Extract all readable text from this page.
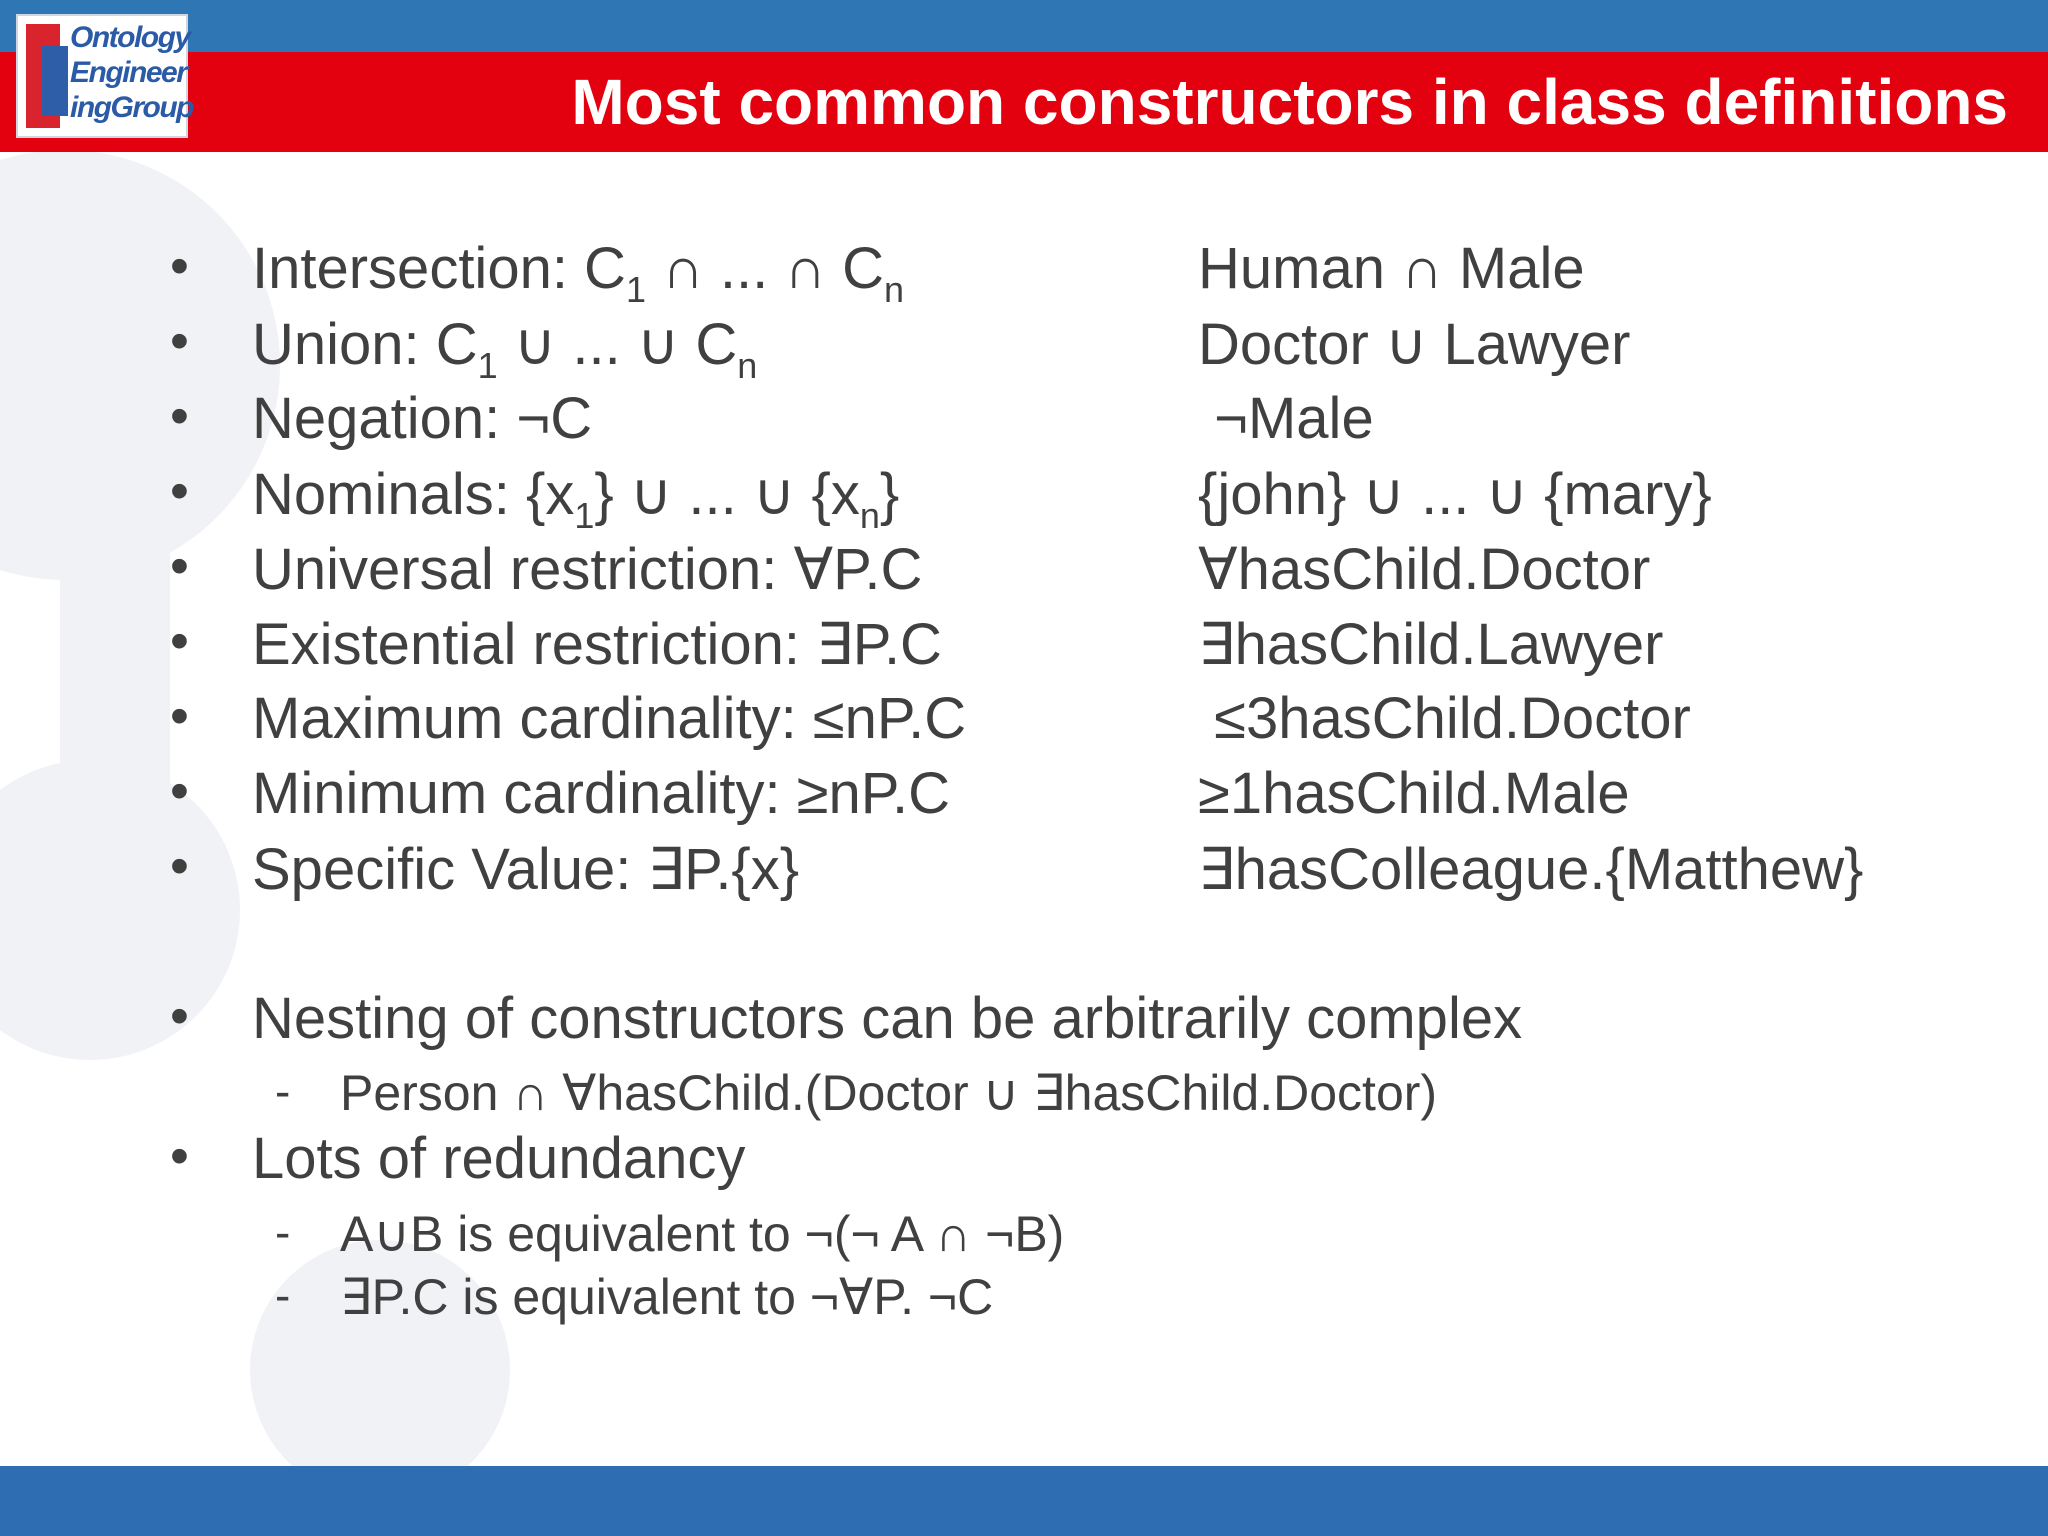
Ontology
Engineer
ingGroup	Most common constructors in class definitions
• Intersection: $C_1$ ∩ ... ∩ $C_n$	Human ∩ Male
• Union: $C_1$ ∪ ... ∪ $C_n$	Doctor ∪ Lawyer
• Negation: ¬C	¬Male
• Nominals: $\{x_1\}$ ∪ ... ∪ $\{x_n\}$	{john} ∪ ... ∪ {mary}
• Universal restriction: ∀P.C	∀hasChild.Doctor
• Existential restriction: ∃P.C	∃hasChild.Lawyer
• Maximum cardinality: ≤nP.C	≤3hasChild.Doctor
• Minimum cardinality: ≥nP.C	≥1hasChild.Male
• Specific Value: ∃P.{x}	∃hasColleague.{Matthew}
• Nesting of constructors can be arbitrarily complex
- Person ∩ ∀hasChild.(Doctor ∪ ∃hasChild.Doctor)
• Lots of redundancy
- A∪B is equivalent to ¬(¬ A ∩ ¬B)
- ∃P.C is equivalent to ¬∀P. ¬C
